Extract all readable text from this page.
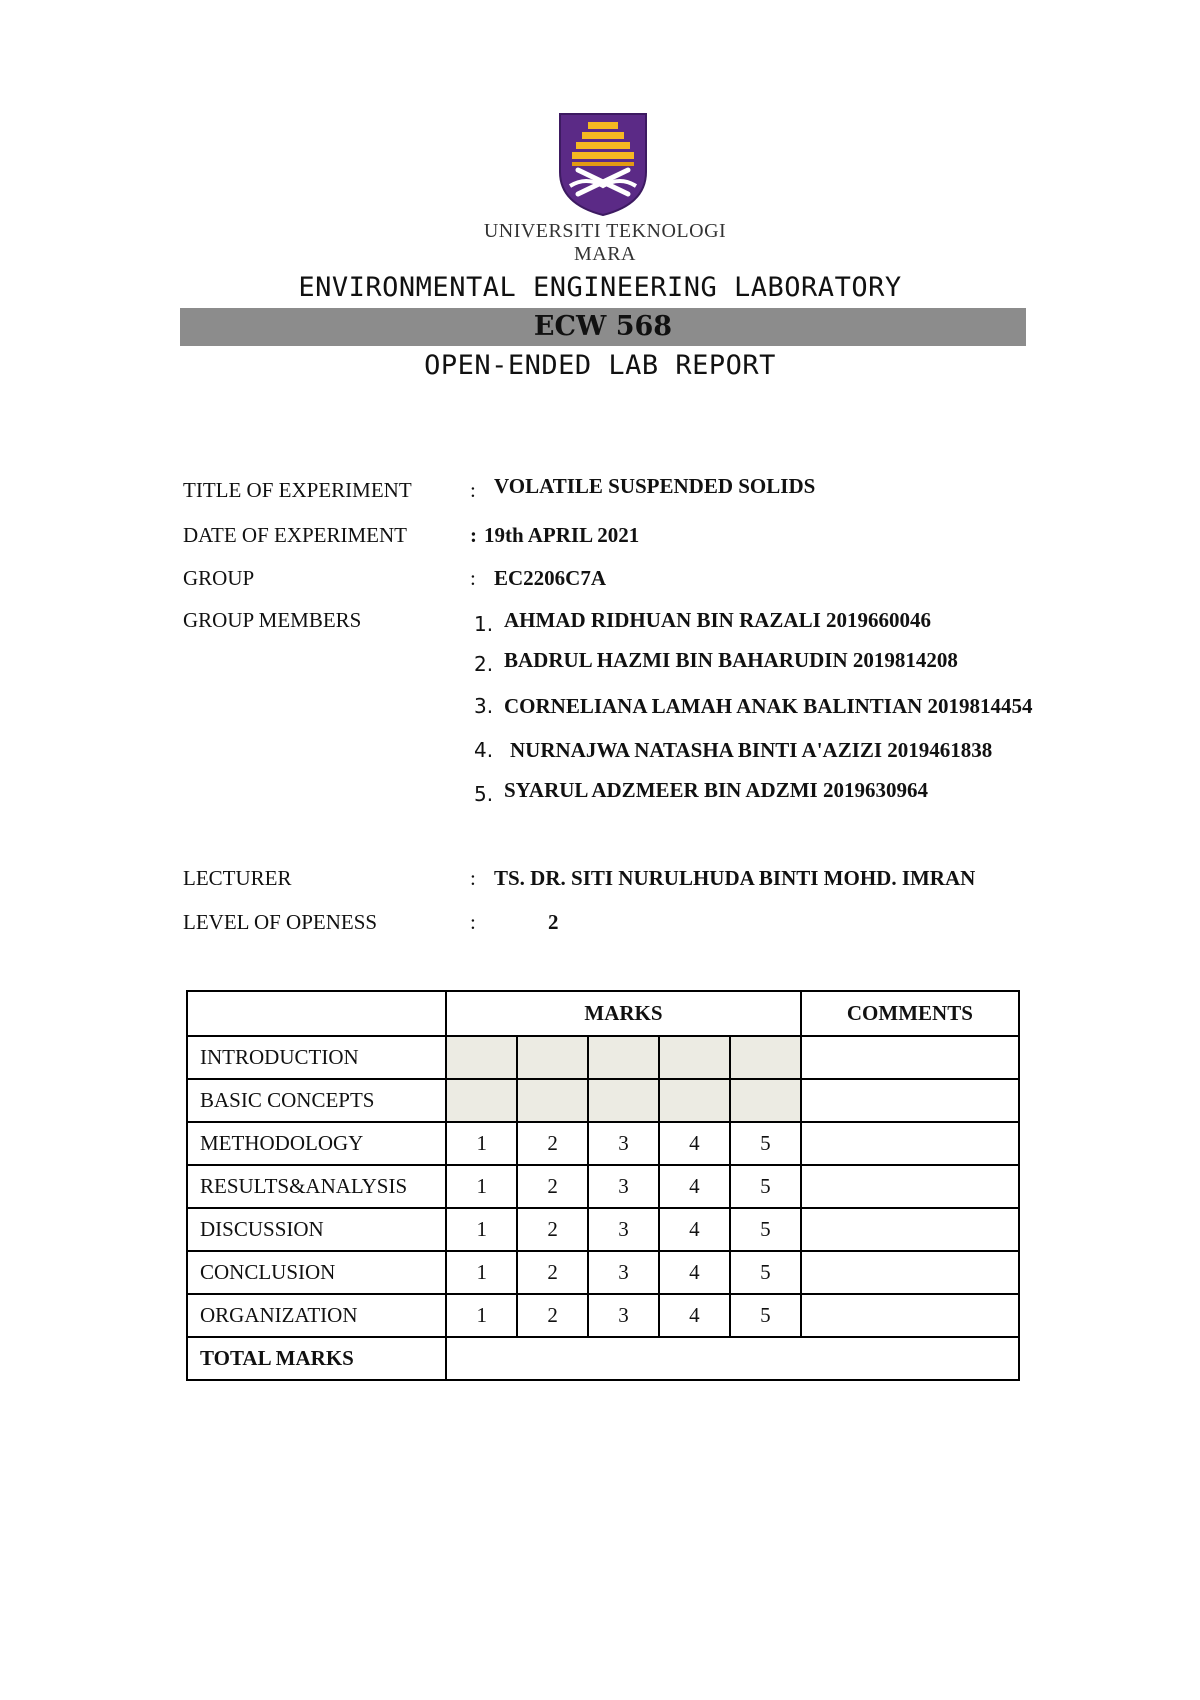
UNIVERSITI TEKNOLOGI MARA
ENVIRONMENTAL ENGINEERING LABORATORY
ECW 568
OPEN-ENDED LAB REPORT
TITLE OF EXPERIMENT	: VOLATILE SUSPENDED SOLIDS
DATE OF EXPERIMENT	: 19th APRIL 2021
GROUP	: EC2206C7A
GROUP MEMBERS	1. AHMAD RIDHUAN BIN RAZALI 2019660046
2. BADRUL HAZMI BIN BAHARUDIN 2019814208
3. CORNELIANA LAMAH ANAK BALINTIAN 2019814454
4. NURNAJWA NATASHA BINTI A'AZIZI 2019461838
5. SYARUL ADZMEER BIN ADZMI 2019630964
LECTURER	: TS. DR. SITI NURULHUDA BINTI MOHD. IMRAN
LEVEL OF OPENESS	:	2
	MARKS					COMMENTS
INTRODUCTION						
BASIC CONCEPTS						
METHODOLOGY	1	2	3	4	5	
RESULTS&ANALYSIS	1	2	3	4	5	
DISCUSSION	1	2	3	4	5	
CONCLUSION	1	2	3	4	5	
ORGANIZATION	1	2	3	4	5	
TOTAL MARKS						
